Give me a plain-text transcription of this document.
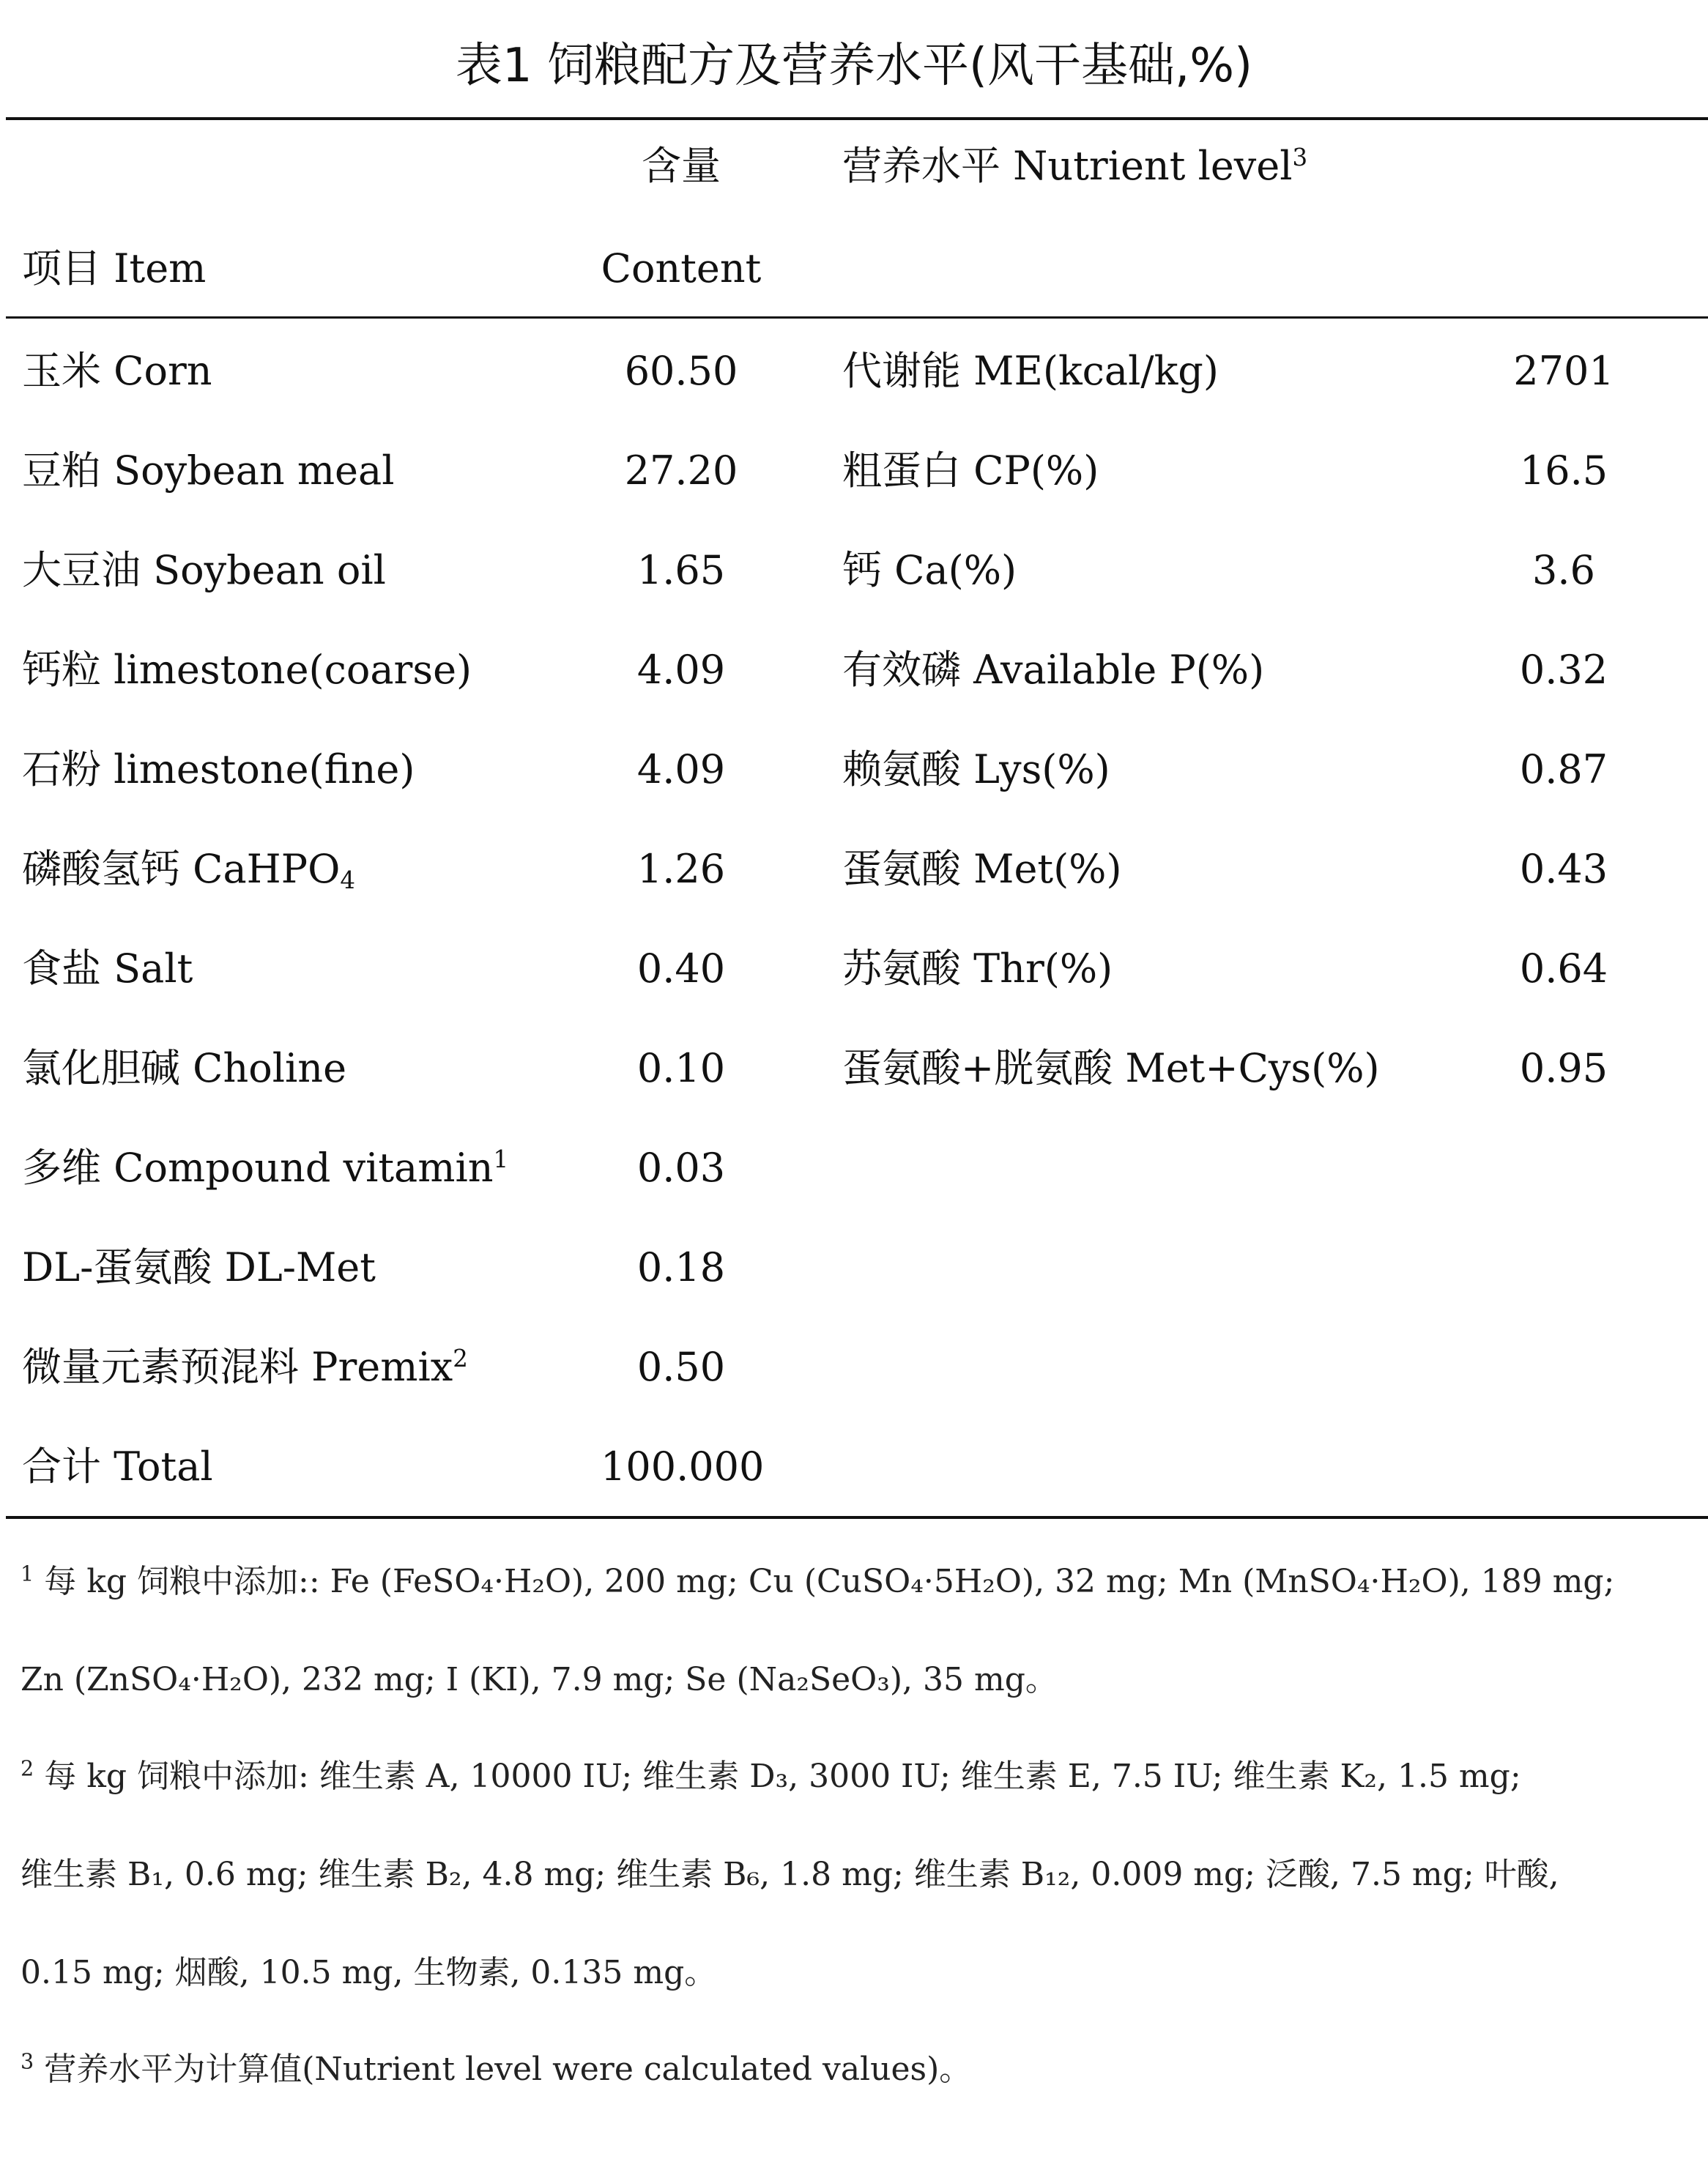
表1 饲粮配方及营养水平(风干基础,%)
含量	营养水平 Nutrient level$^3$
项目 Item	Content
玉米 Corn	60.50	代谢能 ME(kcal/kg)	2701
豆粕 Soybean meal	27.20	粗蛋白 CP(%)	16.5
大豆油 Soybean oil	1.65	钙 Ca(%)	3.6
钙粒 limestone(coarse)	4.09	有效磷 Available P(%)	0.32
石粉 limestone(fine)	4.09	赖氨酸 Lys(%)	0.87
磷酸氢钙 CaHPO$_4$	1.26	蛋氨酸 Met(%)	0.43
食盐 Salt	0.40	苏氨酸 Thr(%)	0.64
氯化胆碱 Choline	0.10	蛋氨酸+胱氨酸 Met+Cys(%)	0.95
多维 Compound vitamin$^1$	0.03
DL-蛋氨酸 DL-Met	0.18
微量元素预混料 Premix$^2$	0.50
合计 Total	100.000
$^1$ 每 kg 饲粮中添加:: Fe (FeSO₄·H₂O), 200 mg; Cu (CuSO₄·5H₂O), 32 mg; Mn (MnSO₄·H₂O), 189 mg;
Zn (ZnSO₄·H₂O), 232 mg; I (KI), 7.9 mg; Se (Na₂SeO₃), 35 mg。
$^2$ 每 kg 饲粮中添加: 维生素 A, 10000 IU; 维生素 D₃, 3000 IU; 维生素 E, 7.5 IU; 维生素 K₂, 1.5 mg;
维生素 B₁, 0.6 mg; 维生素 B₂, 4.8 mg; 维生素 B₆, 1.8 mg; 维生素 B₁₂, 0.009 mg; 泛酸, 7.5 mg; 叶酸,
0.15 mg; 烟酸, 10.5 mg, 生物素, 0.135 mg。
$^3$ 营养水平为计算值(Nutrient level were calculated values)。
